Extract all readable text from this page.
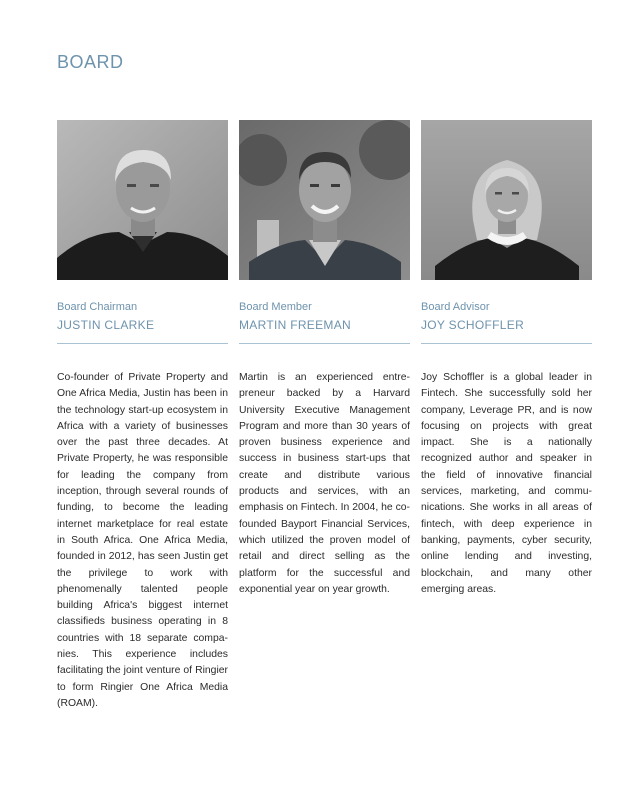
BOARD
Board Chairman
JUSTIN CLARKE

Co-founder of Private Property and One Africa Media, Justin has been in the technology start-up ecosystem in Africa with a variety of businesses over the past three decades. At Private Property, he was responsible for leading the company from inception, through several rounds of funding, to become the leading internet marketplace for real estate in South Africa. One Africa Media, founded in 2012, has seen Justin get the privilege to work with phenomenally talented people building Africa's biggest internet classifieds business operating in 8 countries with 18 separate companies. This experience includes facilitating the joint venture of Ringier to form Ringier One Africa Media (ROAM).

Board Member
MARTIN FREEMAN

Martin is an experienced entrepreneur backed by a Harvard University Executive Management Program and more than 30 years of proven business experience and success in business start-ups that create and distribute various products and services, with an emphasis on Fintech. In 2004, he co-founded Bayport Financial Services, which utilized the proven model of retail and direct selling as the platform for the successful and exponential year on year growth.

Board Advisor
JOY SCHOFFLER

Joy Schoffler is a global leader in Fintech. She successfully sold her company, Leverage PR, and is now focusing on projects with great impact. She is a nationally recognized author and speaker in the field of innovative financial services, marketing, and communications. She works in all areas of fintech, with deep experience in banking, payments, cyber security, online lending and investing, blockchain, and many other emerging areas.
